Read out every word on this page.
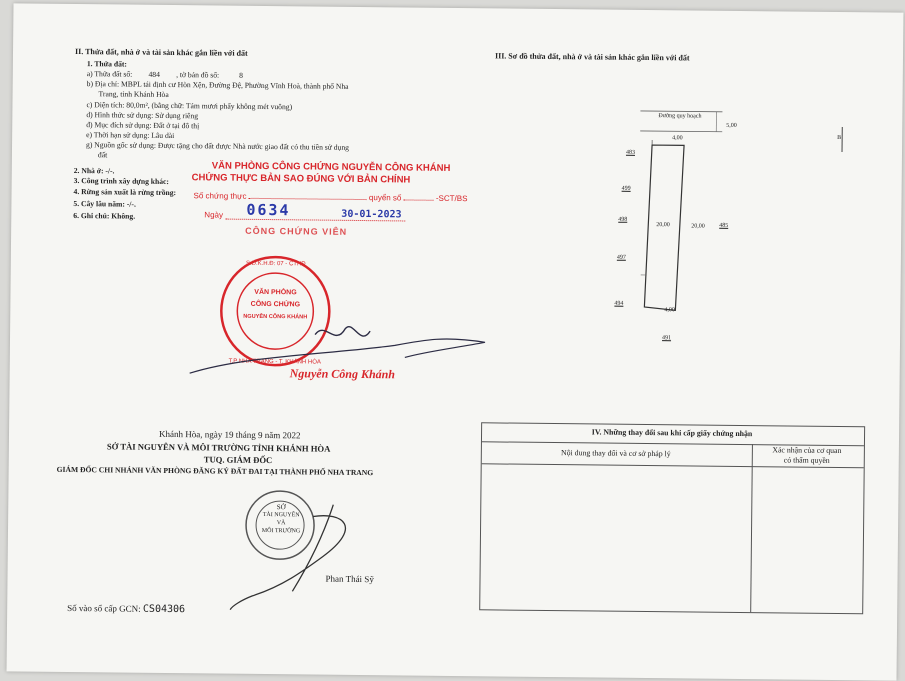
II. Thửa đất, nhà ở và tài sản khác gắn liền với đất
1. Thửa đất:
a) Thửa đất số: 484 , tờ bản đồ số:	8
b) Địa chỉ: MBPL tái định cư Hòn Xện, Đường Đệ, Phường Vĩnh Hoà, thành phố Nha
Trang, tỉnh Khánh Hòa
c) Diện tích: 80,0m², (bằng chữ: Tám mươi phẩy không mét vuông)
d) Hình thức sử dụng: Sử dụng riêng
đ) Mục đích sử dụng: Đất ở tại đô thị
e) Thời hạn sử dụng: Lâu dài
g) Nguồn gốc sử dụng: Được tặng cho đất được Nhà nước giao đất có thu tiền sử dụng
đất
2. Nhà ở: -/-.
3. Công trình xây dựng khác:
4. Rừng sản xuất là rừng trồng:
5. Cây lâu năm: -/-.
6. Ghi chú: Không.
VĂN PHÒNG CÔNG CHỨNG NGUYỄN CÔNG KHÁNH
CHỨNG THỰC BẢN SAO ĐÚNG VỚI BẢN CHÍNH
Số chứng thực	quyển số	-SCT/BS
0634
Ngày	30-01-2023
CÔNG CHỨNG VIÊN
S.Đ.K.H.Đ: 07 - CTHĐ
T.P NHA TRANG - T. KHÁNH HÒA
VĂN PHÒNG
CÔNG CHỨNG
NGUYỄN CÔNG KHÁNH
Nguyễn Công Khánh
III. Sơ đồ thửa đất, nhà ở và tài sản khác gắn liền với đất
Đường quy hoạch
5,00
4,00
20,00	20,00
4,00
B
483
499
498
485
497
494
491
Khánh Hòa, ngày 19 tháng 9 năm 2022
SỞ TÀI NGUYÊN VÀ MÔI TRƯỜNG TỈNH KHÁNH HÒA
TUQ. GIÁM ĐỐC
GIÁM ĐỐC CHI NHÁNH VĂN PHÒNG ĐĂNG KÝ ĐẤT ĐAI TẠI THÀNH PHỐ NHA TRANG
SỞ
TÀI NGUYÊN
VÀ
MÔI TRƯỜNG
Phan Thái Sỹ
Số vào sổ cấp GCN: CS04306
IV. Những thay đổi sau khi cấp giấy chứng nhận
Nội dung thay đổi và cơ sở pháp lý	Xác nhận của cơ quan
có thẩm quyền
